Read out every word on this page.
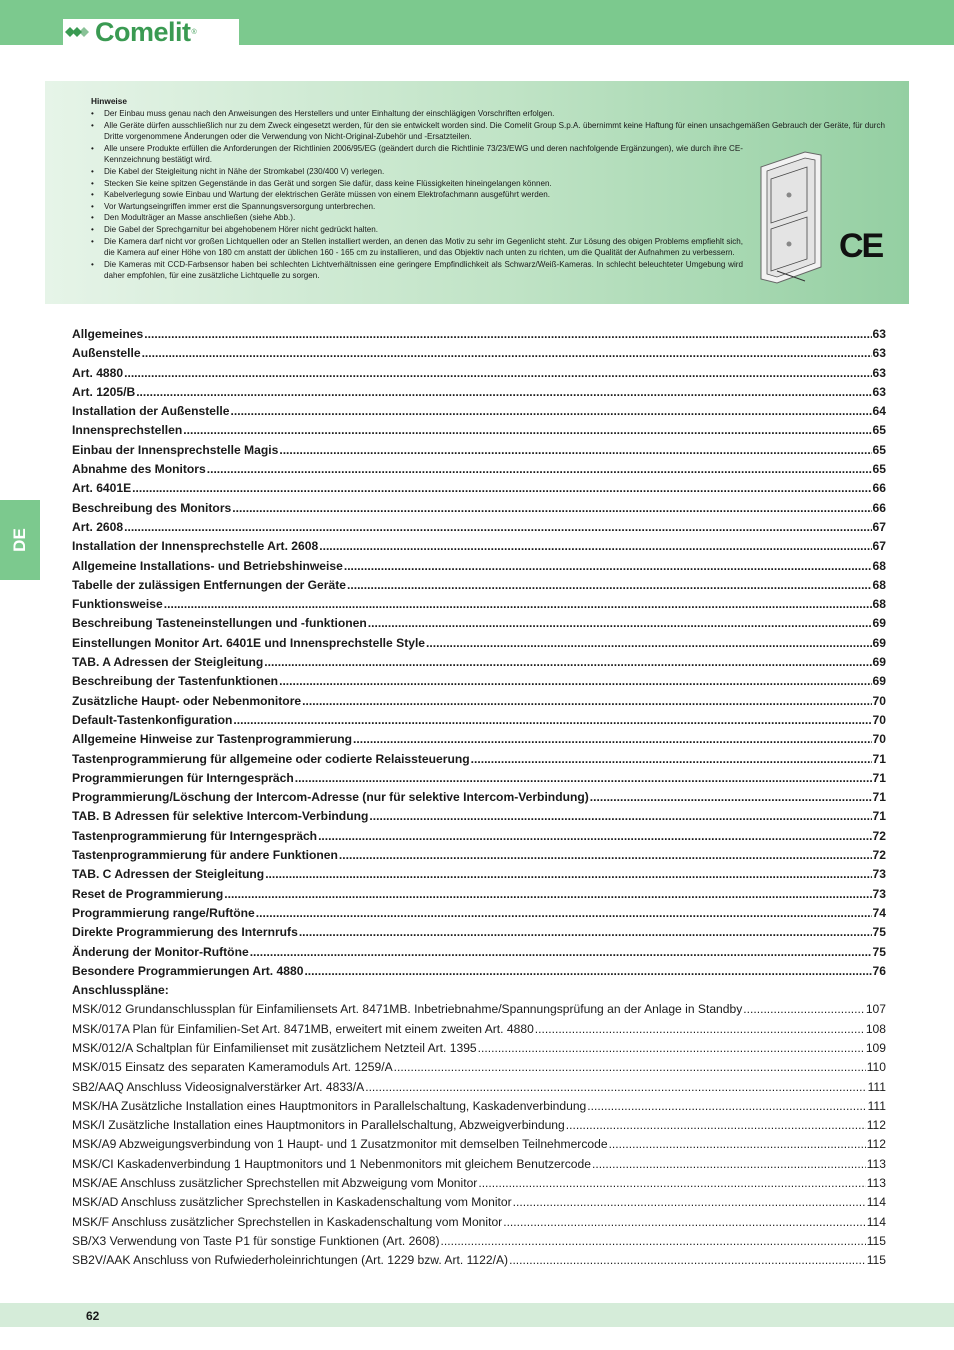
Comelit ®
Hinweise
• Der Einbau muss genau nach den Anweisungen des Herstellers und unter Einhaltung der einschlägigen Vorschriften erfolgen.
• Alle Geräte dürfen ausschließlich nur zu dem Zweck eingesetzt werden, für den sie entwickelt worden sind. Die Comelit Group S.p.A. übernimmt keine Haftung für einen unsachgemäßen Gebrauch der Geräte, für durch Dritte vorgenommene Änderungen oder die Verwendung von Nicht-Original-Zubehör und -Ersatzteilen.
• Alle unsere Produkte erfüllen die Anforderungen der Richtlinien 2006/95/EG (geändert durch die Richtlinie 73/23/EWG und deren nachfolgende Ergänzungen), wie durch ihre CE-Kennzeichnung bestätigt wird.
• Die Kabel der Steigleitung nicht in Nähe der Stromkabel (230/400 V) verlegen.
• Stecken Sie keine spitzen Gegenstände in das Gerät und sorgen Sie dafür, dass keine Flüssigkeiten hineingelangen können.
• Kabelverlegung sowie Einbau und Wartung der elektrischen Geräte müssen von einem Elektrofachmann ausgeführt werden.
• Vor Wartungseingriffen immer erst die Spannungsversorgung unterbrechen.
• Den Modulträger an Masse anschließen (siehe Abb.).
• Die Gabel der Sprechgarnitur bei abgehobenem Hörer nicht gedrückt halten.
• Die Kamera darf nicht vor großen Lichtquellen oder an Stellen installiert werden, an denen das Motiv zu sehr im Gegenlicht steht. Zur Lösung des obigen Problems empfiehlt sich, die Kamera auf einer Höhe von 180 cm anstatt der üblichen 160 - 165 cm zu installieren, und das Objektiv nach unten zu richten, um die Qualität der Aufnahmen zu verbessern.
• Die Kameras mit CCD-Farbsensor haben bei schlechten Lichtverhältnissen eine geringere Empfindlichkeit als Schwarz/Weiß-Kameras. In schlecht beleuchteter Umgebung wird daher empfohlen, für eine zusätzliche Lichtquelle zu sorgen.
CE
DE
Allgemeines .....	63
Außenstelle .....	63
Art. 4880 .....	63
Art. 1205/B .....	63
Installation der Außenstelle .....	64
Innensprechstellen .....	65
Einbau der Innensprechstelle Magis .....	65
Abnahme des Monitors .....	65
Art. 6401E .....	66
Beschreibung des Monitors .....	66
Art. 2608 .....	67
Installation der Innensprechstelle Art. 2608 .....	67
Allgemeine Installations- und Betriebshinweise .....	68
Tabelle der zulässigen Entfernungen der Geräte .....	68
Funktionsweise .....	68
Beschreibung Tasteneinstellungen und -funktionen .....	69
Einstellungen Monitor Art. 6401E und Innensprechstelle Style .....	69
TAB. A Adressen der Steigleitung .....	69
Beschreibung der Tastenfunktionen .....	69
Zusätzliche Haupt- oder Nebenmonitore .....	70
Default-Tastenkonfiguration .....	70
Allgemeine Hinweise zur Tastenprogrammierung .....	70
Tastenprogrammierung für allgemeine oder codierte Relaissteuerung .....	71
Programmierungen für Interngespräch .....	71
Programmierung/Löschung der Intercom-Adresse (nur für selektive Intercom-Verbindung) .....	71
TAB. B Adressen für selektive Intercom-Verbindung .....	71
Tastenprogrammierung für Interngespräch .....	72
Tastenprogrammierung für andere Funktionen .....	72
TAB. C Adressen der Steigleitung .....	73
Reset de Programmierung .....	73
Programmierung range/Ruftöne .....	74
Direkte Programmierung des Internrufs .....	75
Änderung der Monitor-Ruftöne .....	75
Besondere Programmierungen Art. 4880 .....	76
Anschlusspläne:
MSK/012 Grundanschlussplan für Einfamiliensets Art. 8471MB. Inbetriebnahme/Spannungsprüfung an der Anlage in Standby .....	107
MSK/017A Plan für Einfamilien-Set Art. 8471MB, erweitert mit einem zweiten Art. 4880 .....	108
MSK/012/A Schaltplan für Einfamilienset mit zusätzlichem Netzteil Art. 1395 .....	109
MSK/015 Einsatz des separaten Kameramoduls Art. 1259/A .....	110
SB2/AAQ Anschluss Videosignalverstärker Art. 4833/A .....	111
MSK/HA Zusätzliche Installation eines Hauptmonitors in Parallelschaltung, Kaskadenverbindung .....	111
MSK/I Zusätzliche Installation eines Hauptmonitors in Parallelschaltung, Abzweigverbindung .....	112
MSK/A9 Abzweigungsverbindung von 1 Haupt- und 1 Zusatzmonitor mit demselben Teilnehmercode .....	112
MSK/CI Kaskadenverbindung 1 Hauptmonitors und 1 Nebenmonitors mit gleichem Benutzercode .....	113
MSK/AE Anschluss zusätzlicher Sprechstellen mit Abzweigung vom Monitor .....	113
MSK/AD Anschluss zusätzlicher Sprechstellen in Kaskadenschaltung vom Monitor .....	114
MSK/F Anschluss zusätzlicher Sprechstellen in Kaskadenschaltung vom Monitor .....	114
SB/X3 Verwendung von Taste P1 für sonstige Funktionen (Art. 2608) .....	115
SB2V/AAK Anschluss von Rufwiederholeinrichtungen (Art. 1229 bzw. Art. 1122/A) .....	115
62
